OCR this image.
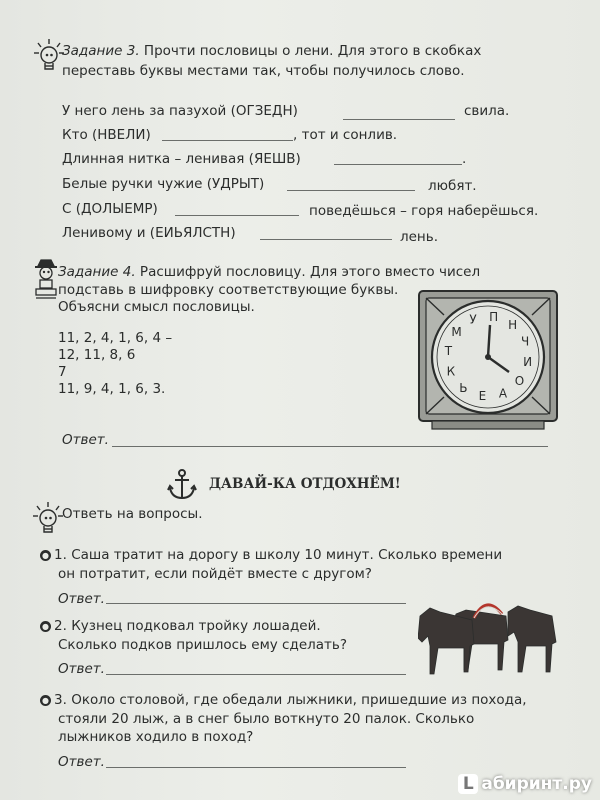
Задание 3. Прочти пословицы о лени. Для этого в скобках
переставь буквы местами так, чтобы получилось слово.
У него лень за пазухой (ОГЗЕДН)	свила.
Кто (НВЕЛИ)	, тот и сонлив.
Длинная нитка – ленивая (ЯЕШВ)	.
Белые ручки чужие (УДРЫТ)	любят.
С (ДОЛЫЕМР)	поведёшься – горя наберёшься.
Ленивому и (ЕИЬЯЛСТН)	лень.
Задание 4. Расшифруй пословицу. Для этого вместо чисел
подставь в шифровку соответствующие буквы.
Объясни смысл пословицы.
11, 2, 4, 1, 6, 4 –
12, 11, 8, 6
7
11, 9, 4, 1, 6, 3.
У П
Н
Ч
И
О
А
Е
Ь
К
Т
М
Ответ.
ДАВАЙ-КА ОТДОХНЁМ!
Ответь на вопросы.
● 1. Саша тратит на дорогу в школу 10 минут. Сколько времени
он потратит, если пойдёт вместе с другом?
Ответ.
● 2. Кузнец подковал тройку лошадей.
Сколько подков пришлось ему сделать?
Ответ.
● 3. Около столовой, где обедали лыжники, пришедшие из похода,
стояли 20 лыж, а в снег было воткнуто 20 палок. Сколько
лыжников ходило в поход?
Ответ.
L абиринт.ру
